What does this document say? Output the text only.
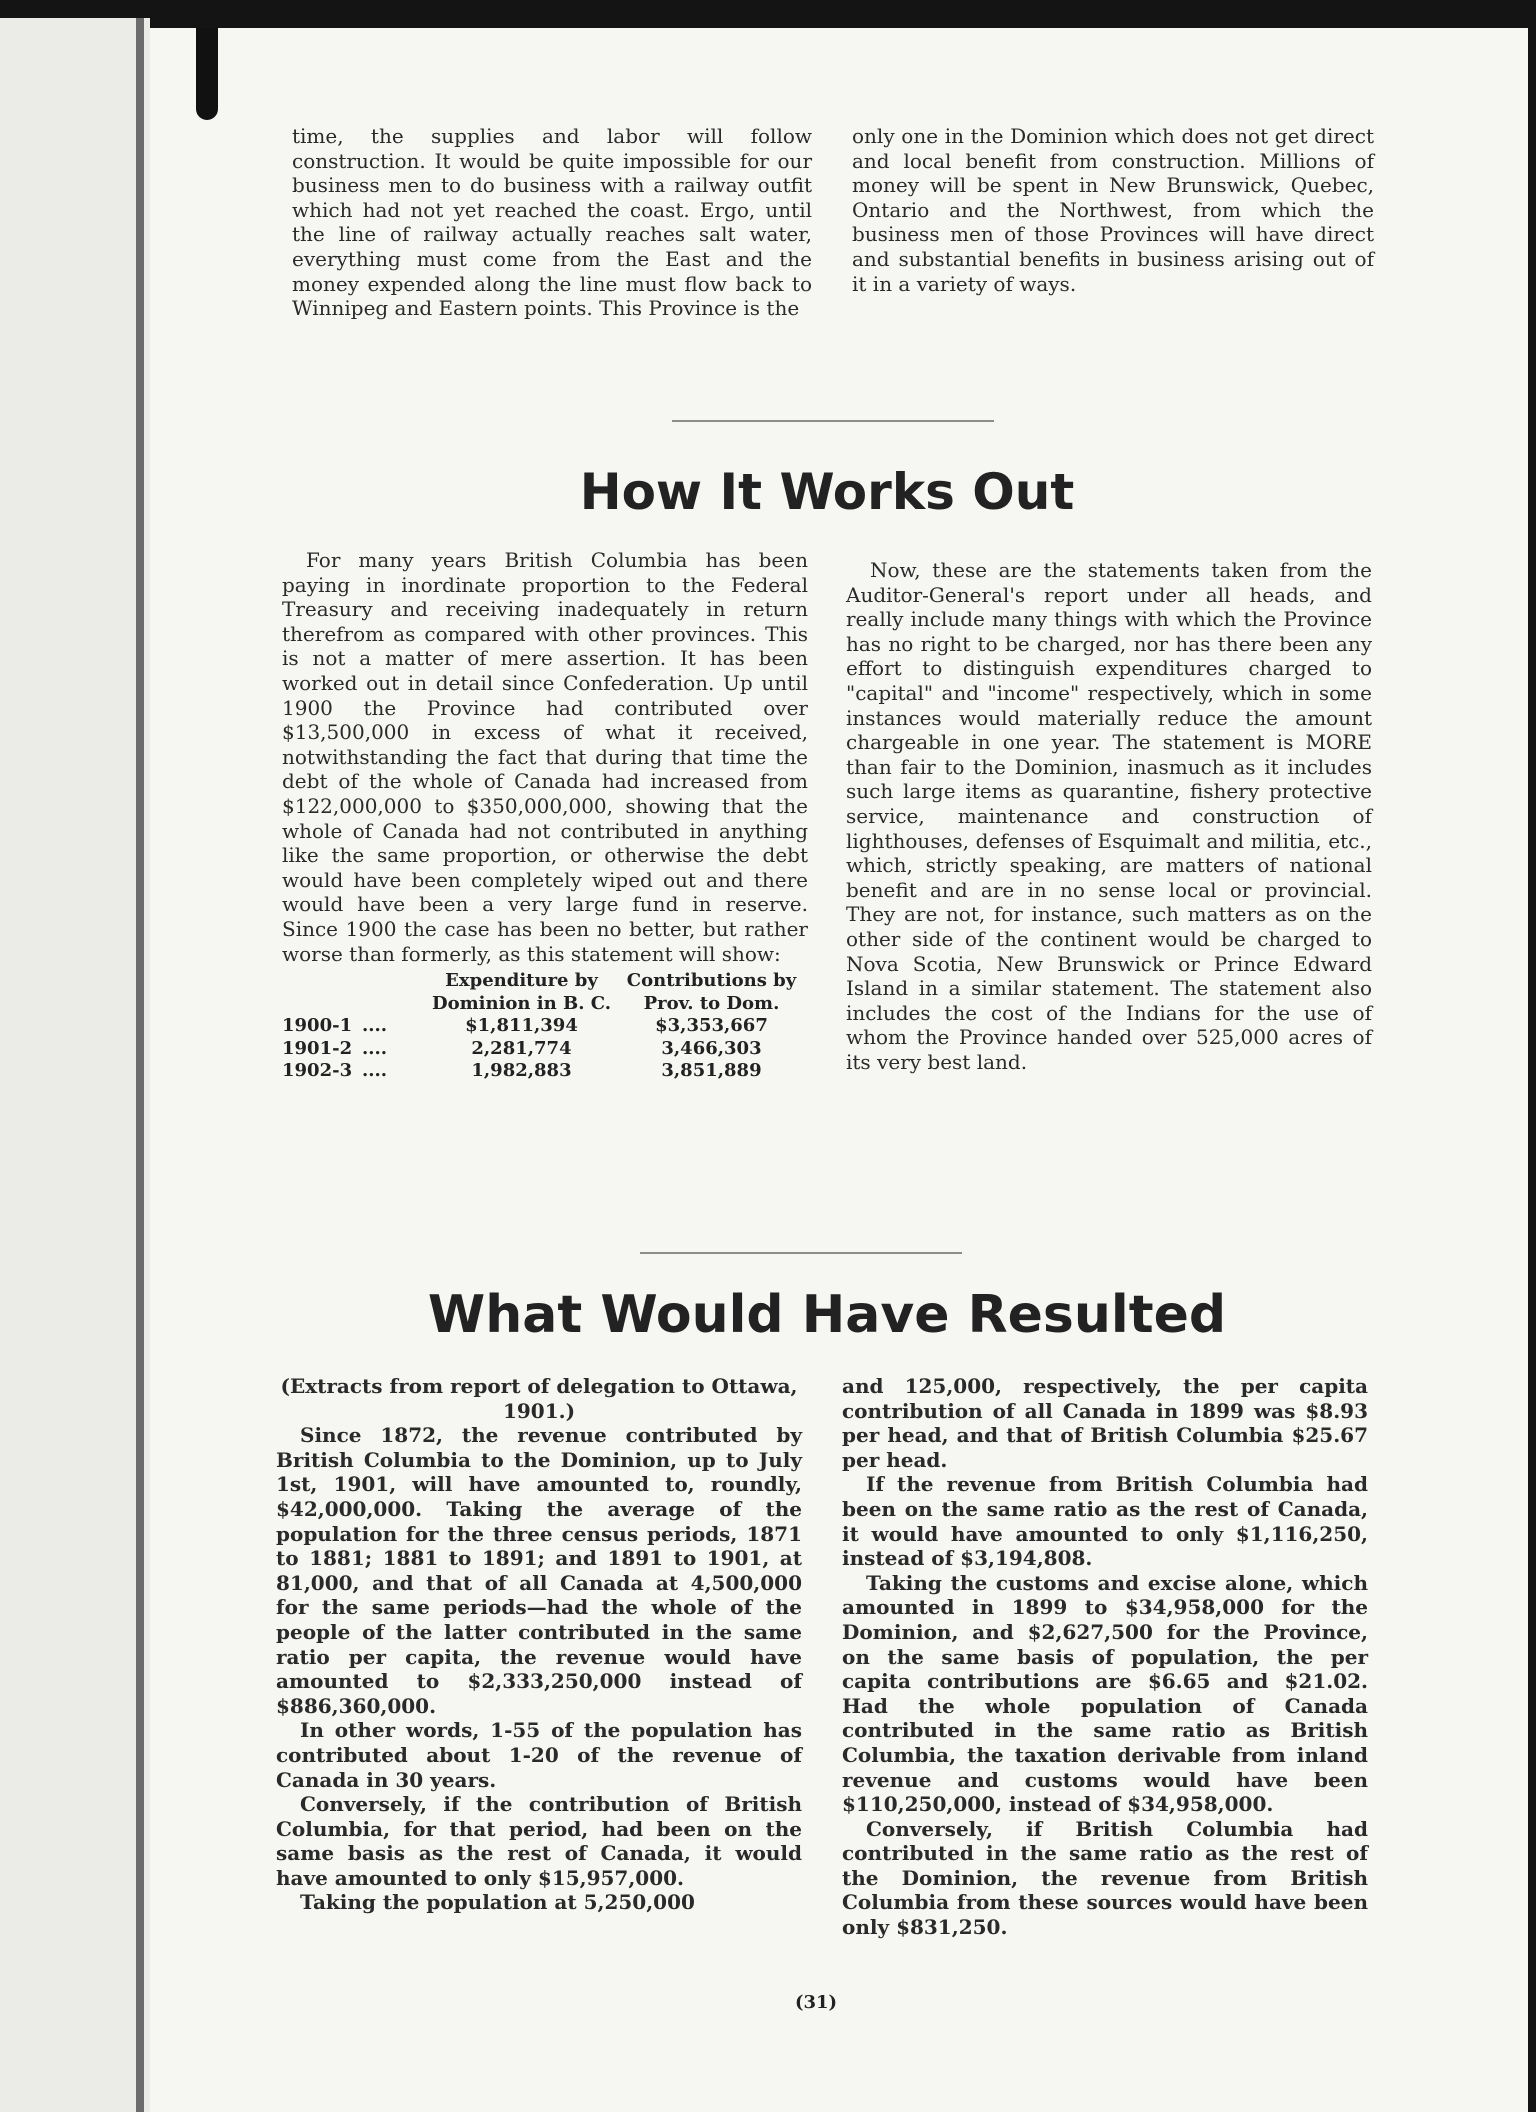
time, the supplies and labor will follow construction. It would be quite impossible for our business men to do business with a railway outfit which had not yet reached the coast. Ergo, until the line of railway actually reaches salt water, everything must come from the East and the money expended along the line must flow back to Winnipeg and Eastern points. This Province is the

only one in the Dominion which does not get direct and local benefit from construction. Millions of money will be spent in New Brunswick, Quebec, Ontario and the Northwest, from which the business men of those Provinces will have direct and substantial benefits in business arising out of it in a variety of ways.

How It Works Out

For many years British Columbia has been paying in inordinate proportion to the Federal Treasury and receiving inadequately in return therefrom as compared with other provinces. This is not a matter of mere assertion. It has been worked out in detail since Confederation. Up until 1900 the Province had contributed over $13,500,000 in excess of what it received, notwithstanding the fact that during that time the debt of the whole of Canada had increased from $122,000,000 to $350,000,000, showing that the whole of Canada had not contributed in anything like the same proportion, or otherwise the debt would have been completely wiped out and there would have been a very large fund in reserve. Since 1900 the case has been no better, but rather worse than formerly, as this statement will show:

		Expenditure by	Contributions by
		Dominion in B. C.	Prov. to Dom.
1900-1	....	$1,811,394	$3,353,667
1901-2	....	2,281,774	3,466,303
1902-3	....	1,982,883	3,851,889

Now, these are the statements taken from the Auditor-General's report under all heads, and really include many things with which the Province has no right to be charged, nor has there been any effort to distinguish expenditures charged to "capital" and "income" respectively, which in some instances would materially reduce the amount chargeable in one year. The statement is MORE than fair to the Dominion, inasmuch as it includes such large items as quarantine, fishery protective service, maintenance and construction of lighthouses, defenses of Esquimalt and militia, etc., which, strictly speaking, are matters of national benefit and are in no sense local or provincial. They are not, for instance, such matters as on the other side of the continent would be charged to Nova Scotia, New Brunswick or Prince Edward Island in a similar statement. The statement also includes the cost of the Indians for the use of whom the Province handed over 525,000 acres of its very best land.

What Would Have Resulted

(Extracts from report of delegation to Ottawa, 1901.)

Since 1872, the revenue contributed by British Columbia to the Dominion, up to July 1st, 1901, will have amounted to, roundly, $42,000,000. Taking the average of the population for the three census periods, 1871 to 1881; 1881 to 1891; and 1891 to 1901, at 81,000, and that of all Canada at 4,500,000 for the same periods—had the whole of the people of the latter contributed in the same ratio per capita, the revenue would have amounted to $2,333,250,000 instead of $886,360,000.

In other words, 1-55 of the population has contributed about 1-20 of the revenue of Canada in 30 years.

Conversely, if the contribution of British Columbia, for that period, had been on the same basis as the rest of Canada, it would have amounted to only $15,957,000.

Taking the population at 5,250,000

and 125,000, respectively, the per capita contribution of all Canada in 1899 was $8.93 per head, and that of British Columbia $25.67 per head.

If the revenue from British Columbia had been on the same ratio as the rest of Canada, it would have amounted to only $1,116,250, instead of $3,194,808.

Taking the customs and excise alone, which amounted in 1899 to $34,958,000 for the Dominion, and $2,627,500 for the Province, on the same basis of population, the per capita contributions are $6.65 and $21.02. Had the whole population of Canada contributed in the same ratio as British Columbia, the taxation derivable from inland revenue and customs would have been $110,250,000, instead of $34,958,000.

Conversely, if British Columbia had contributed in the same ratio as the rest of the Dominion, the revenue from British Columbia from these sources would have been only $831,250.

(31)
